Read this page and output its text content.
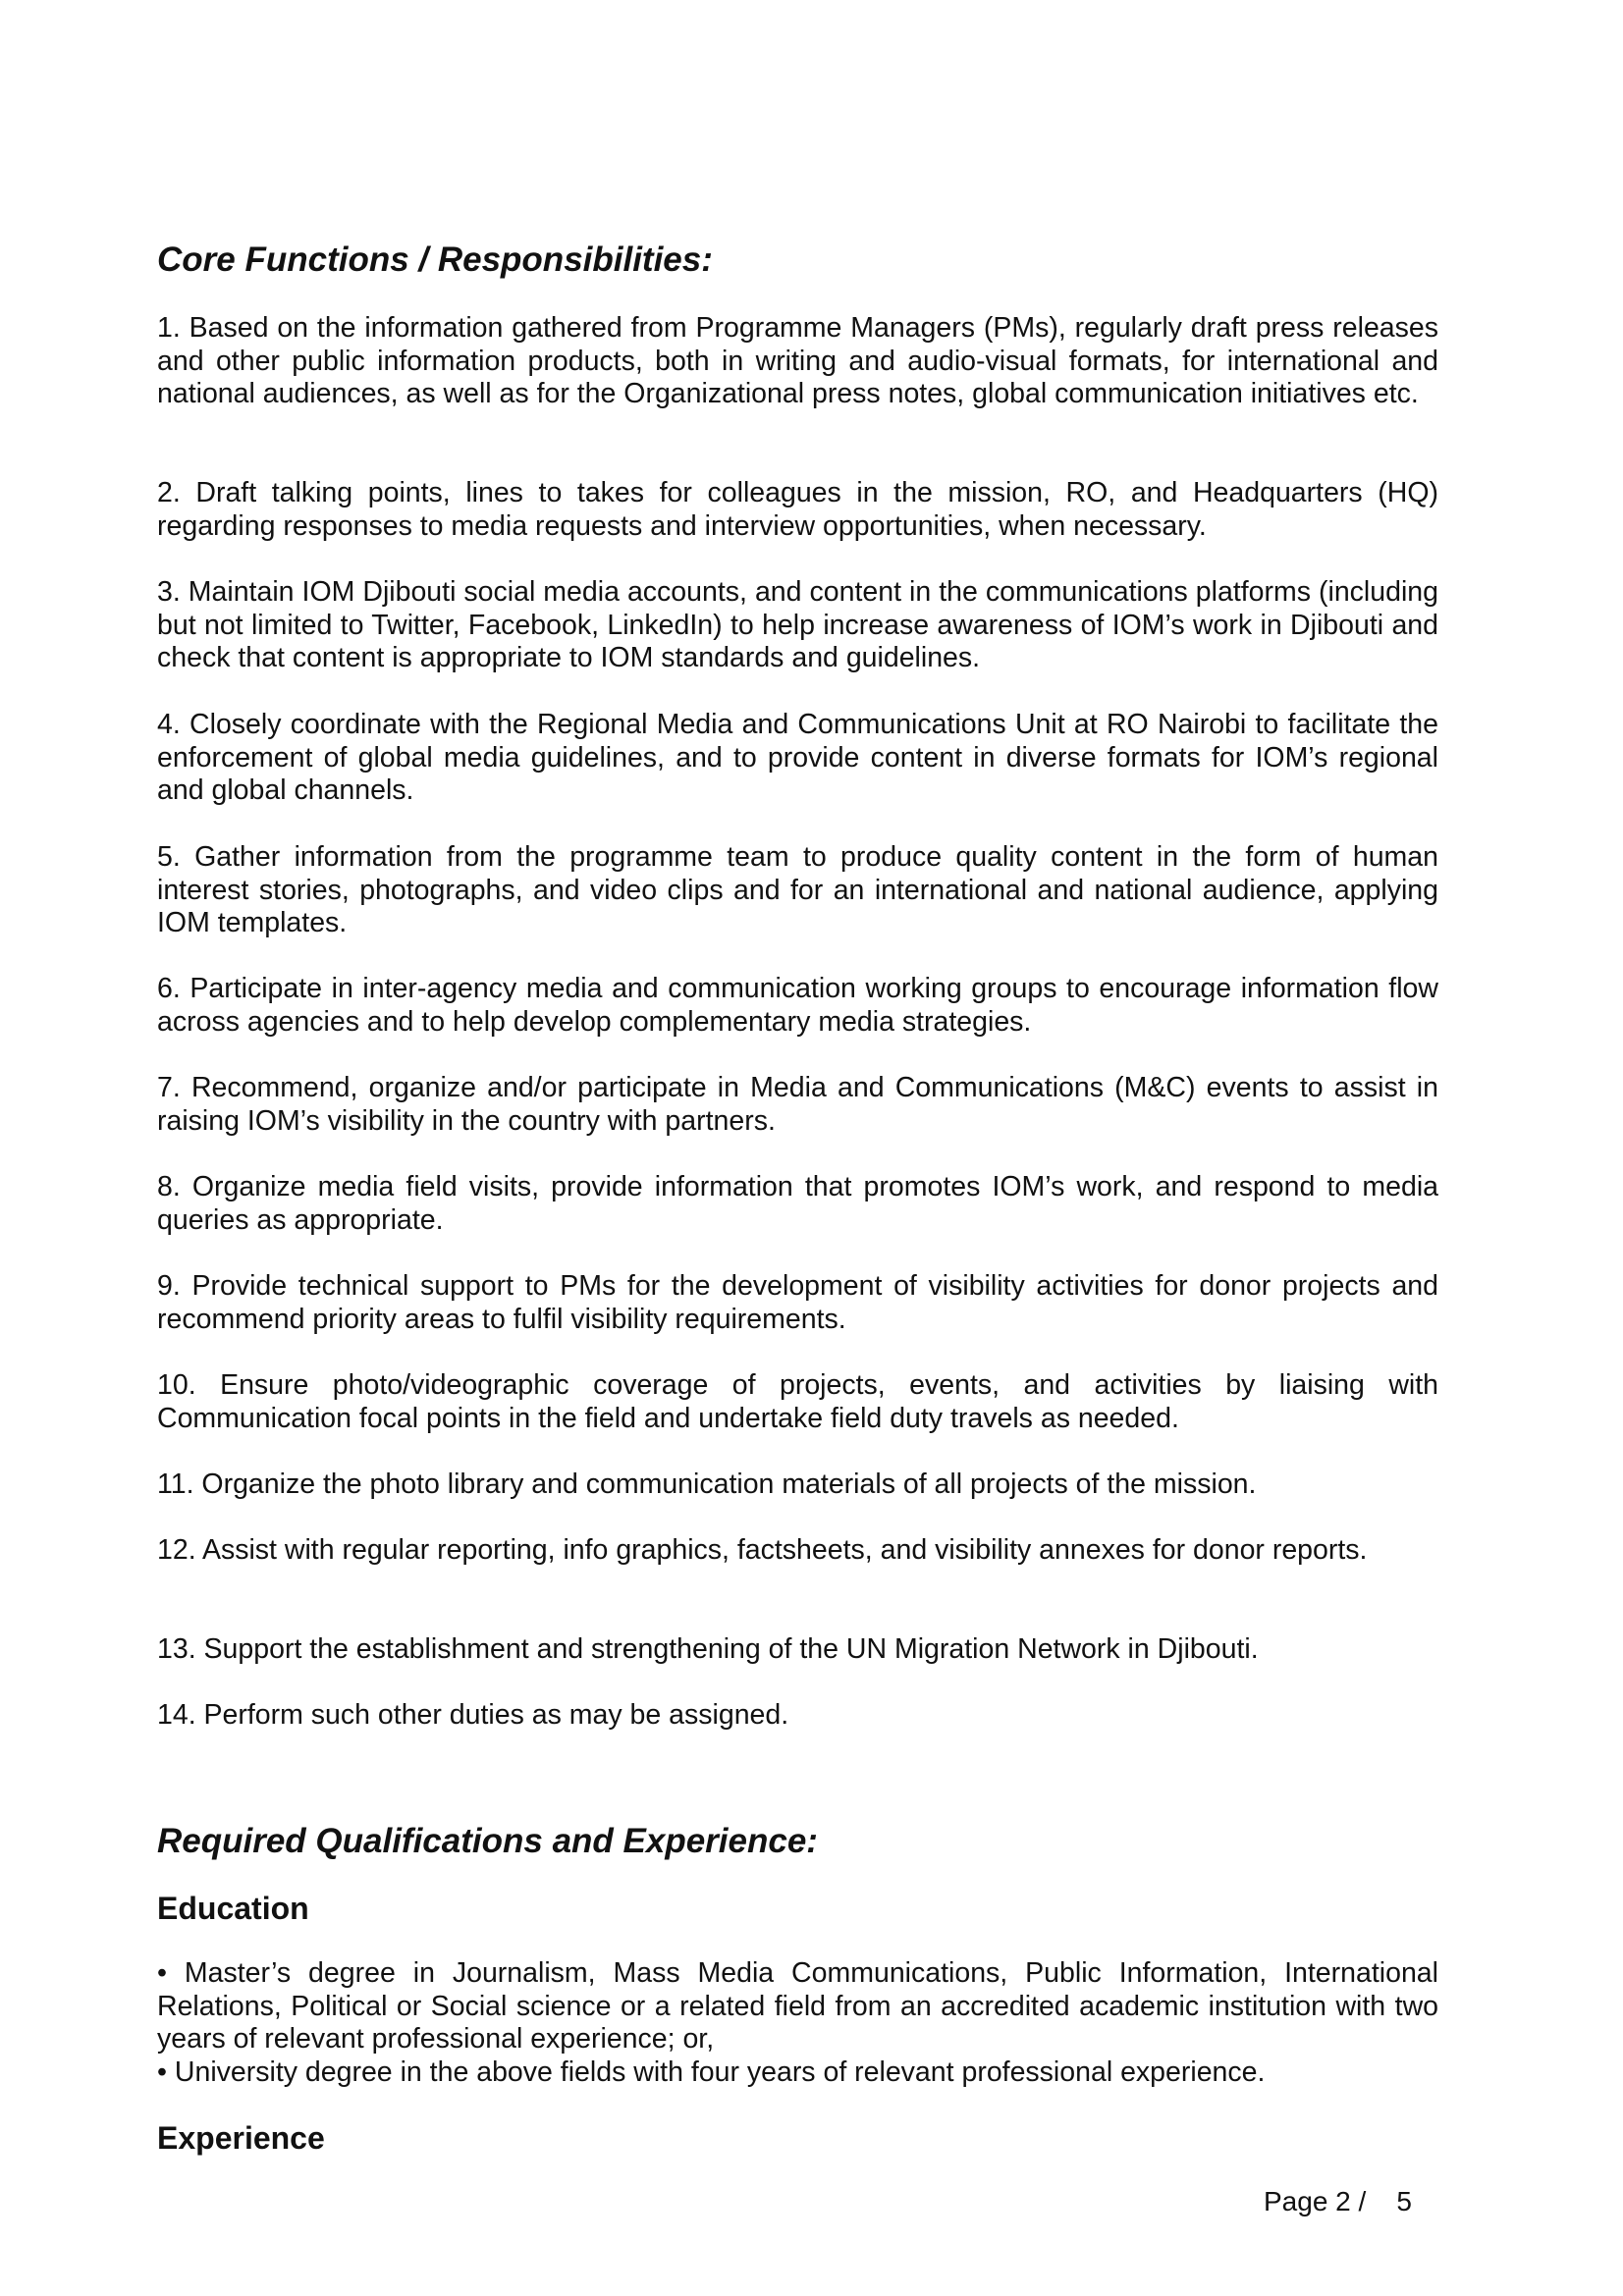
Core Functions / Responsibilities:

1. Based on the information gathered from Programme Managers (PMs), regularly draft press releases and other public information products, both in writing and audio-visual formats, for international and national audiences, as well as for the Organizational press notes, global communication initiatives etc.

2. Draft talking points, lines to takes for colleagues in the mission, RO, and Headquarters (HQ) regarding responses to media requests and interview opportunities, when necessary.

3. Maintain IOM Djibouti social media accounts, and content in the communications platforms (including but not limited to Twitter, Facebook, LinkedIn) to help increase awareness of IOM’s work in Djibouti and check that content is appropriate to IOM standards and guidelines.

4. Closely coordinate with the Regional Media and Communications Unit at RO Nairobi to facilitate the enforcement of global media guidelines, and to provide content in diverse formats for IOM’s regional and global channels.

5. Gather information from the programme team to produce quality content in the form of human interest stories, photographs, and video clips and for an international and national audience, applying IOM templates.

6. Participate in inter-agency media and communication working groups to encourage information flow across agencies and to help develop complementary media strategies.

7. Recommend, organize and/or participate in Media and Communications (M&C) events to assist in raising IOM’s visibility in the country with partners.

8. Organize media field visits, provide information that promotes IOM’s work, and respond to media queries as appropriate.

9. Provide technical support to PMs for the development of visibility activities for donor projects and recommend priority areas to fulfil visibility requirements.

10. Ensure photo/videographic coverage of projects, events, and activities by liaising with Communication focal points in the field and undertake field duty travels as needed.

11. Organize the photo library and communication materials of all projects of the mission.

12. Assist with regular reporting, info graphics, factsheets, and visibility annexes for donor reports.

13. Support the establishment and strengthening of the UN Migration Network in Djibouti.

14. Perform such other duties as may be assigned.

Required Qualifications and Experience:
Education

• Master’s degree in Journalism, Mass Media Communications, Public Information, International Relations, Political or Social science or a related field from an accredited academic institution with two years of relevant professional experience; or,

• University degree in the above fields with four years of relevant professional experience.

Experience
Page 2 /    5
